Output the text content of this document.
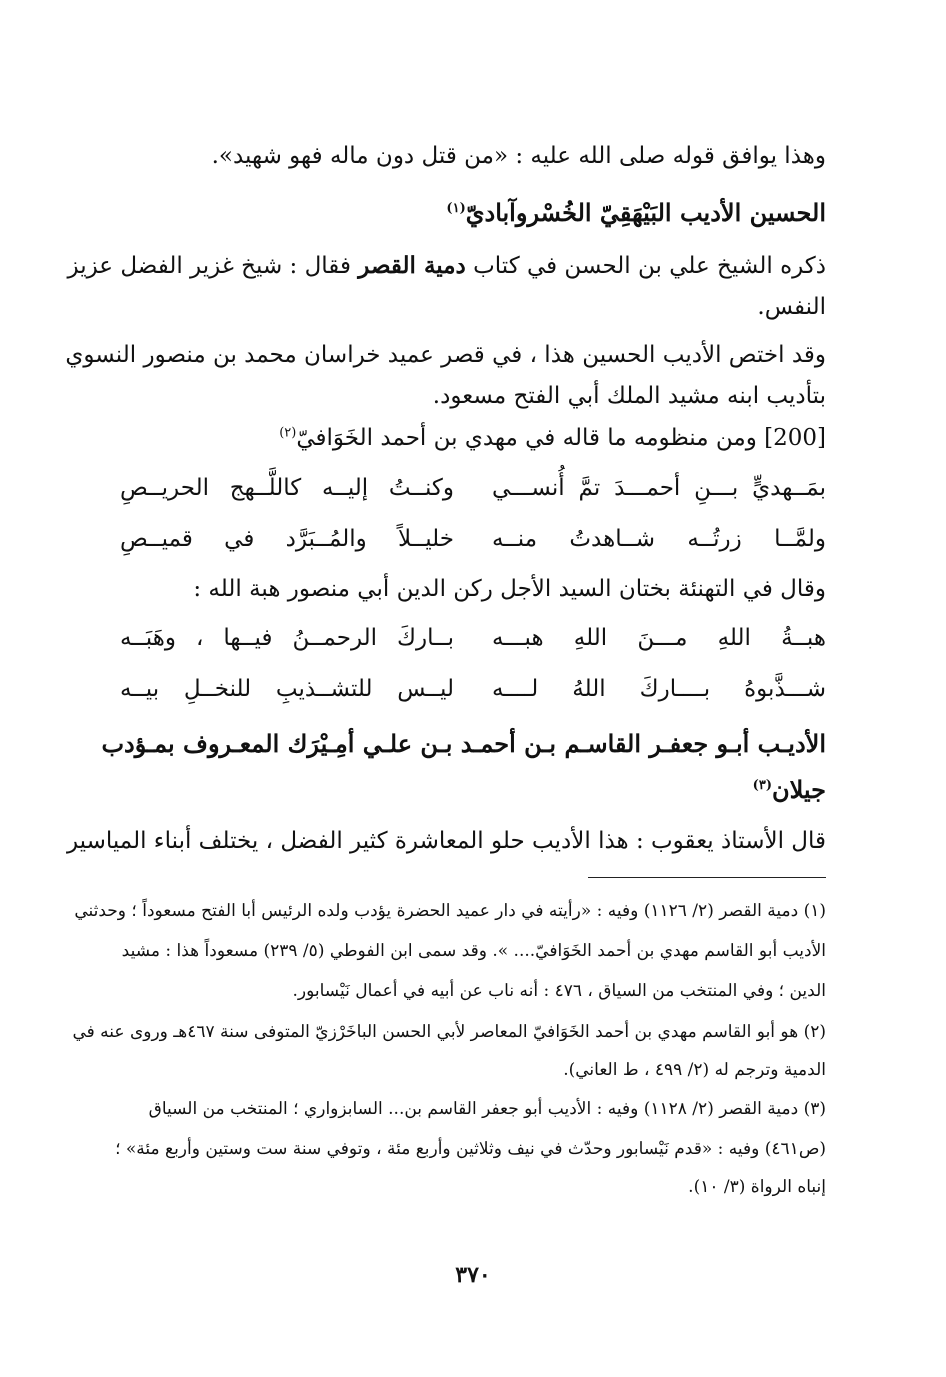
وهذا يوافق قوله صلى الله عليه : «من قتل دون ماله فهو شهيد».
الحسين الأديب البَيْهَقِيّ الخُسْروآباديّ$^{(١)}$
ذكره الشيخ علي بن الحسن في كتاب دمية القصر فقال : شيخ غزير الفضل عزيز
النفس.
وقد اختص الأديب الحسين هذا ، في قصر عميد خراسان محمد بن منصور النسوي
بتأديب ابنه مشيد الملك أبي الفتح مسعود.
[200] ومن منظومه ما قاله في مهدي بن أحمد الخَوَافيّ$^{(٢)}$
بمَــهديٍّ بـــنِ أحمـــدَ تمَّ أُنســـي
وكنــتُ إليــه كاللَّــهج الحريــصِ
ولمَّــا زرتُــه شــاهدتُ منــه
خليــلاً والمُــبَرَّد في قميــصِ
وقال في التهنئة بختان السيد الأجل ركن الدين أبي منصور هبة الله :
هبــةُ اللهِ مـــنَ اللهِ هبـــه
بــاركَ الرحمــنُ فيــها ، وهَبَــه
شـــذَّبوهُ بــــاركَ اللهُ لــــه
ليــس للتشــذيبِ للنخــلِ بيــه
الأديـب أبـو جعفـر القاسـم بـن أحمـد بـن علـي أمِـيْرَك المعـروف بمـؤدب
جيلان$^{(٣)}$
قال الأستاذ يعقوب : هذا الأديب حلو المعاشرة كثير الفضل ، يختلف أبناء المياسير
(١) دمية القصر (٢/ ١١٢٦) وفيه : «رأيته في دار عميد الحضرة يؤدب ولده الرئيس أبا الفتح مسعوداً ؛ وحدثني
الأديب أبو القاسم مهدي بن أحمد الخَوَافيّ.... ». وقد سمى ابن الفوطي (٥/ ٢٣٩) مسعوداً هذا : مشيد
الدين ؛ وفي المنتخب من السياق ، ٤٧٦ : أنه ناب عن أبيه في أعمال نَيْسابور.
(٢) هو أبو القاسم مهدي بن أحمد الخَوَافيّ المعاصر لأبي الحسن الباخَرْزيّ المتوفى سنة ٤٦٧هـ وروى عنه في
الدمية وترجم له (٢/ ٤٩٩ ، ط العاني).
(٣) دمية القصر (٢/ ١١٢٨) وفيه : الأديب أبو جعفر القاسم بن... السابزواري ؛ المنتخب من السياق
(ص٤٦١) وفيه : «قدم نَيْسابور وحدّث في نيف وثلاثين وأربع مئة ، وتوفي سنة ست وستين وأربع مئة» ؛
إنباه الرواة (٣/ ١٠).
٣٧٠
